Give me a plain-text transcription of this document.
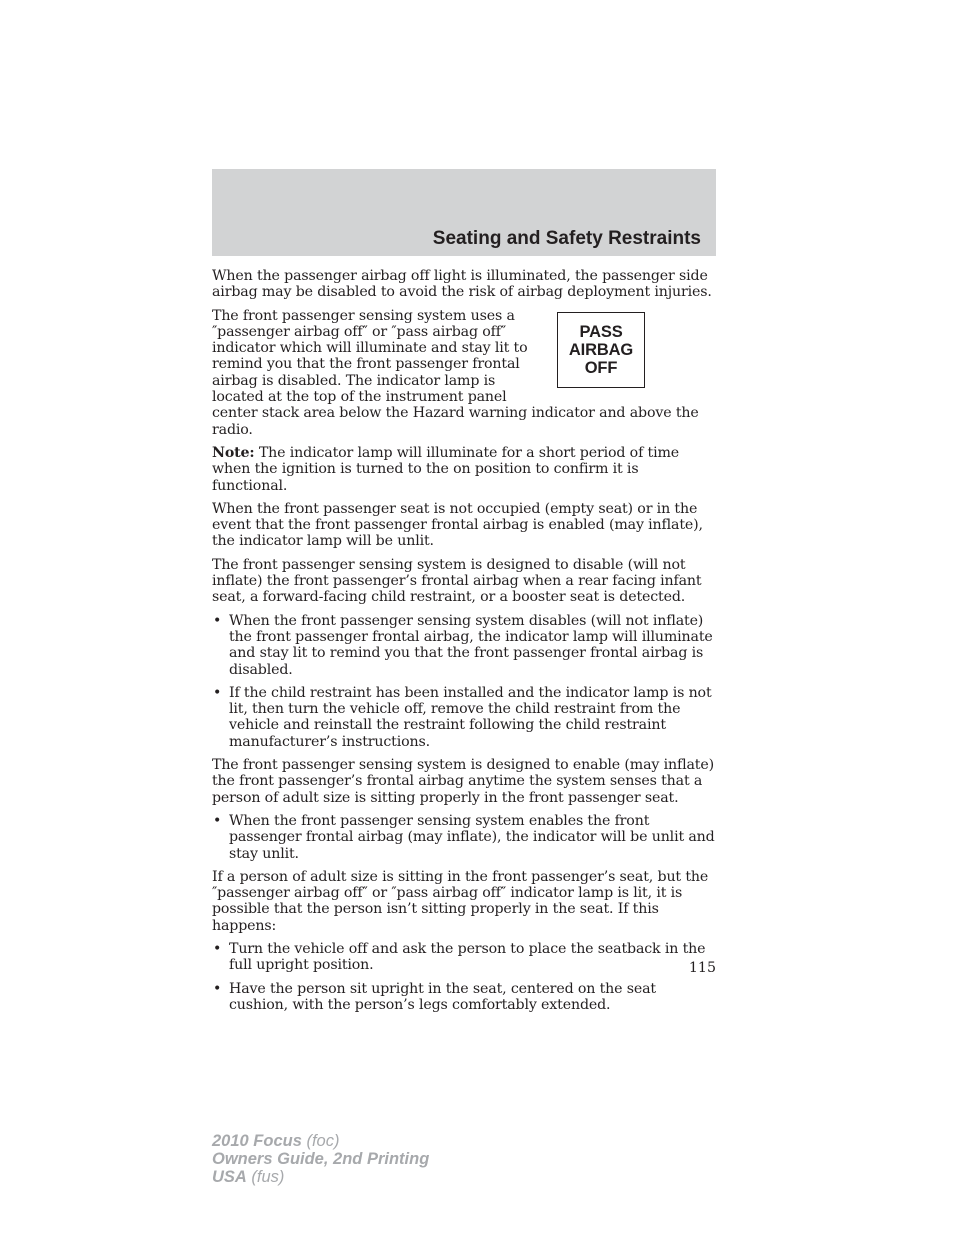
Seating and Safety Restraints

When the passenger airbag off light is illuminated, the passenger side airbag may be disabled to avoid the risk of airbag deployment injuries.

PASS
AIRBAG
OFF

The front passenger sensing system uses a ″passenger airbag off″ or ″pass airbag off″ indicator which will illuminate and stay lit to remind you that the front passenger frontal airbag is disabled. The indicator lamp is located at the top of the instrument panel center stack area below the Hazard warning indicator and above the radio.

Note: The indicator lamp will illuminate for a short period of time when the ignition is turned to the on position to confirm it is functional.

When the front passenger seat is not occupied (empty seat) or in the event that the front passenger frontal airbag is enabled (may inflate), the indicator lamp will be unlit.

The front passenger sensing system is designed to disable (will not inflate) the front passenger’s frontal airbag when a rear facing infant seat, a forward-facing child restraint, or a booster seat is detected.

• When the front passenger sensing system disables (will not inflate) the front passenger frontal airbag, the indicator lamp will illuminate and stay lit to remind you that the front passenger frontal airbag is disabled.
• If the child restraint has been installed and the indicator lamp is not lit, then turn the vehicle off, remove the child restraint from the vehicle and reinstall the restraint following the child restraint manufacturer’s instructions.

The front passenger sensing system is designed to enable (may inflate) the front passenger’s frontal airbag anytime the system senses that a person of adult size is sitting properly in the front passenger seat.

• When the front passenger sensing system enables the front passenger frontal airbag (may inflate), the indicator will be unlit and stay unlit.

If a person of adult size is sitting in the front passenger’s seat, but the ″passenger airbag off″ or ″pass airbag off″ indicator lamp is lit, it is possible that the person isn’t sitting properly in the seat. If this happens:

• Turn the vehicle off and ask the person to place the seatback in the full upright position.
• Have the person sit upright in the seat, centered on the seat cushion, with the person’s legs comfortably extended.
115
2010 Focus (foc)
Owners Guide, 2nd Printing
USA (fus)
